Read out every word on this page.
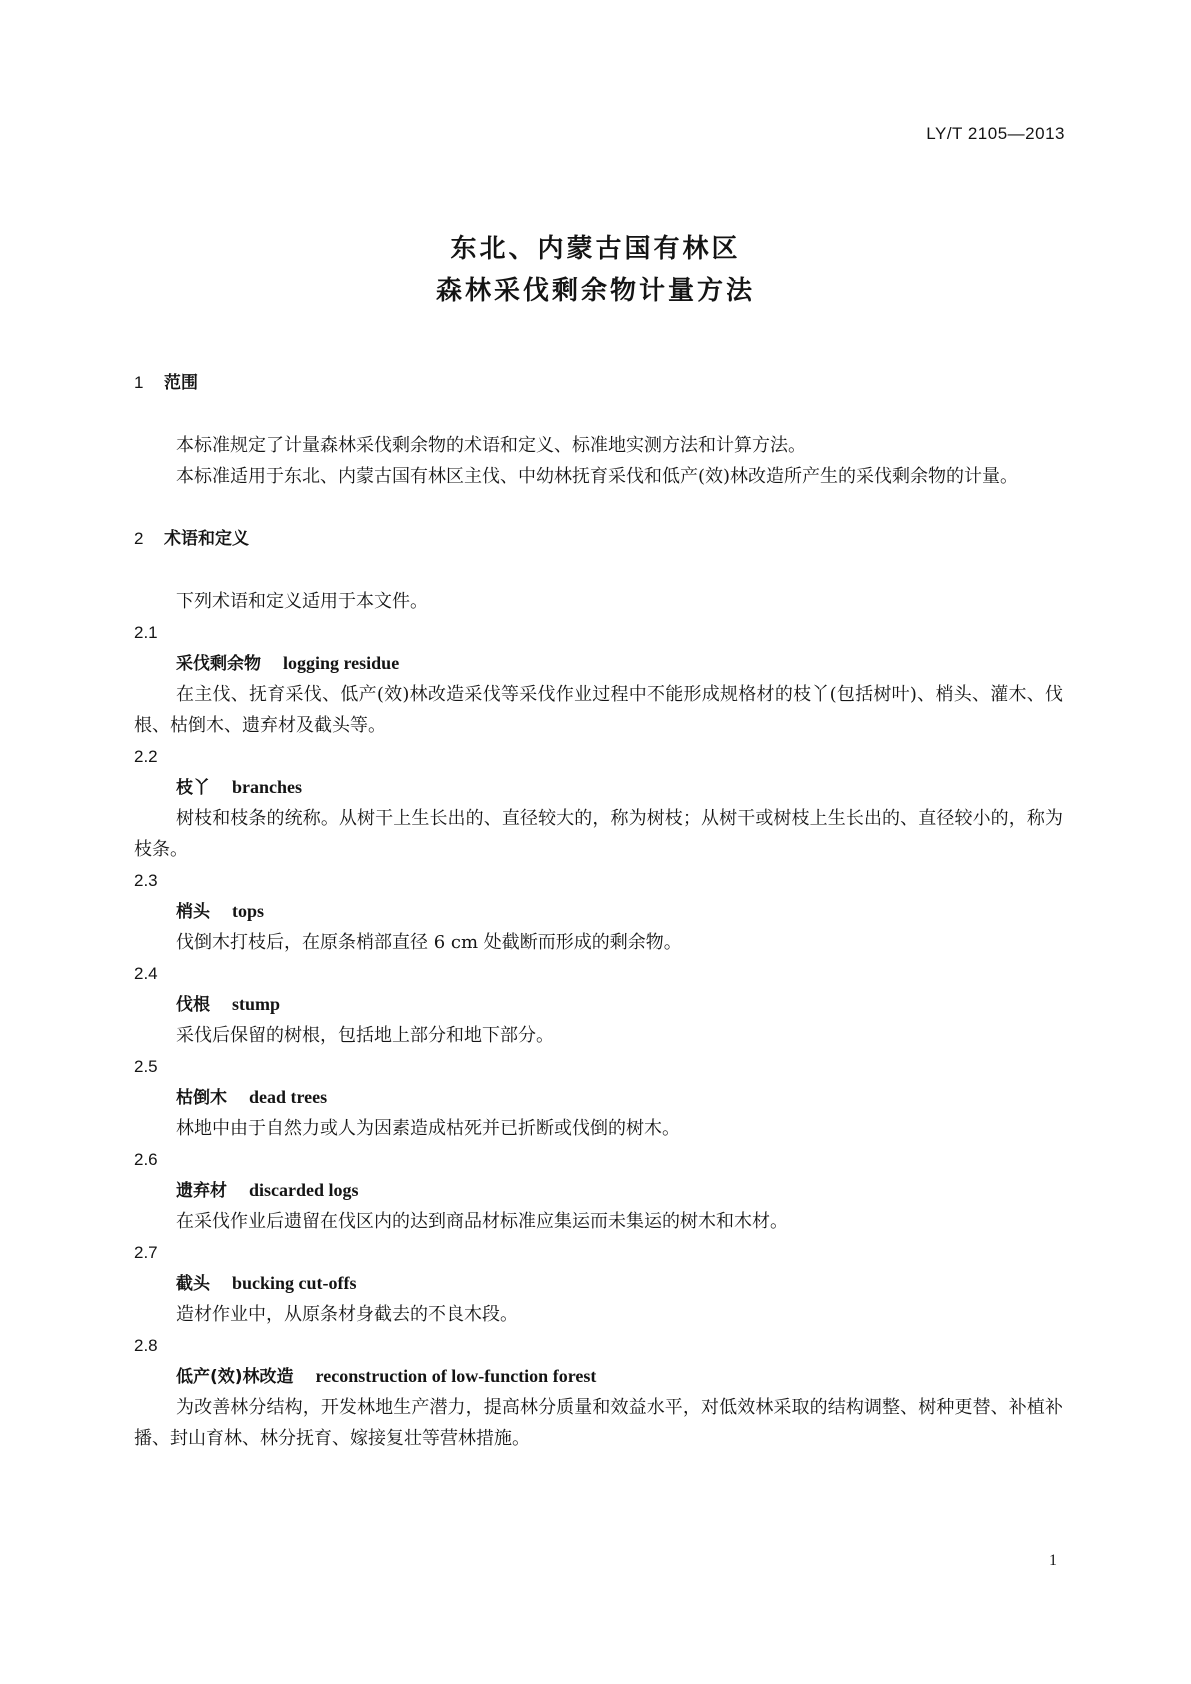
LY/T 2105—2013

东北、内蒙古国有林区
森林采伐剩余物计量方法
1 范围

本标准规定了计量森林采伐剩余物的术语和定义、标准地实测方法和计算方法。

本标准适用于东北、内蒙古国有林区主伐、中幼林抚育采伐和低产(效)林改造所产生的采伐剩余物的计量。

2 术语和定义

下列术语和定义适用于本文件。

2.1

采伐剩余物 logging residue

在主伐、抚育采伐、低产(效)林改造采伐等采伐作业过程中不能形成规格材的枝丫(包括树叶)、梢头、灌木、伐根、枯倒木、遗弃材及截头等。

2.2

枝丫 branches

树枝和枝条的统称。从树干上生长出的、直径较大的，称为树枝；从树干或树枝上生长出的、直径较小的，称为枝条。

2.3

梢头 tops

伐倒木打枝后，在原条梢部直径 6 cm 处截断而形成的剩余物。

2.4

伐根 stump

采伐后保留的树根，包括地上部分和地下部分。

2.5

枯倒木 dead trees

林地中由于自然力或人为因素造成枯死并已折断或伐倒的树木。

2.6

遗弃材 discarded logs

在采伐作业后遗留在伐区内的达到商品材标准应集运而未集运的树木和木材。

2.7

截头 bucking cut-offs

造材作业中，从原条材身截去的不良木段。

2.8

低产(效)林改造 reconstruction of low-function forest

为改善林分结构，开发林地生产潜力，提高林分质量和效益水平，对低效林采取的结构调整、树种更替、补植补播、封山育林、林分抚育、嫁接复壮等营林措施。

1
